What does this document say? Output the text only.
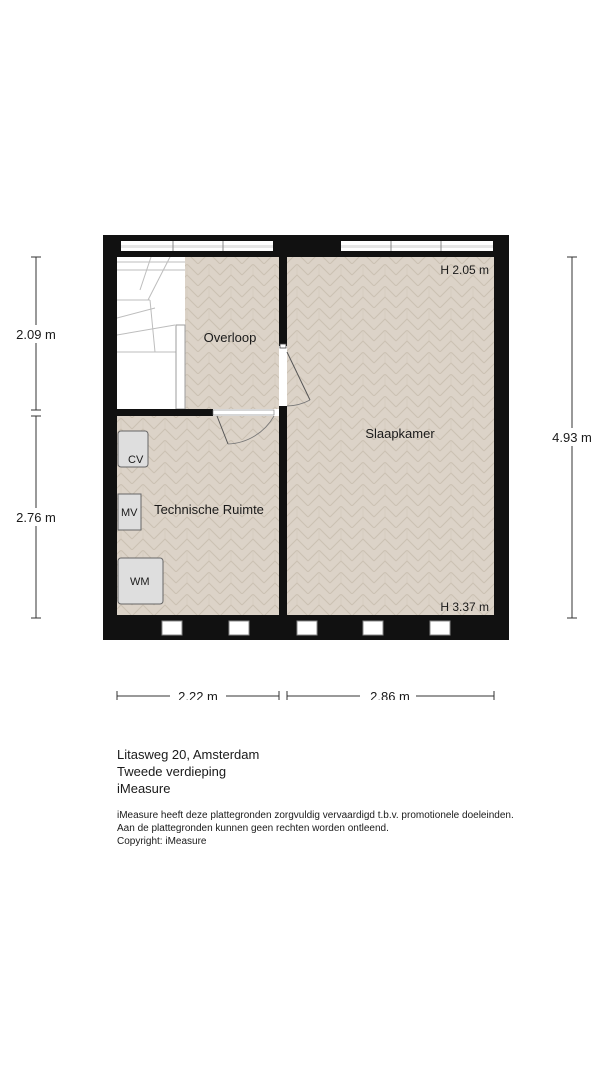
CV
MV
WM
Overloop
Slaapkamer
Technische Ruimte
H 2.05 m
H 3.37 m
2.09 m
2.76 m
4.93 m
2.22 m	2.86 m
Litasweg 20, Amsterdam
Tweede verdieping
iMeasure
iMeasure heeft deze plattegronden zorgvuldig vervaardigd t.b.v. promotionele doeleinden.
Aan de plattegronden kunnen geen rechten worden ontleend.
Copyright: iMeasure
